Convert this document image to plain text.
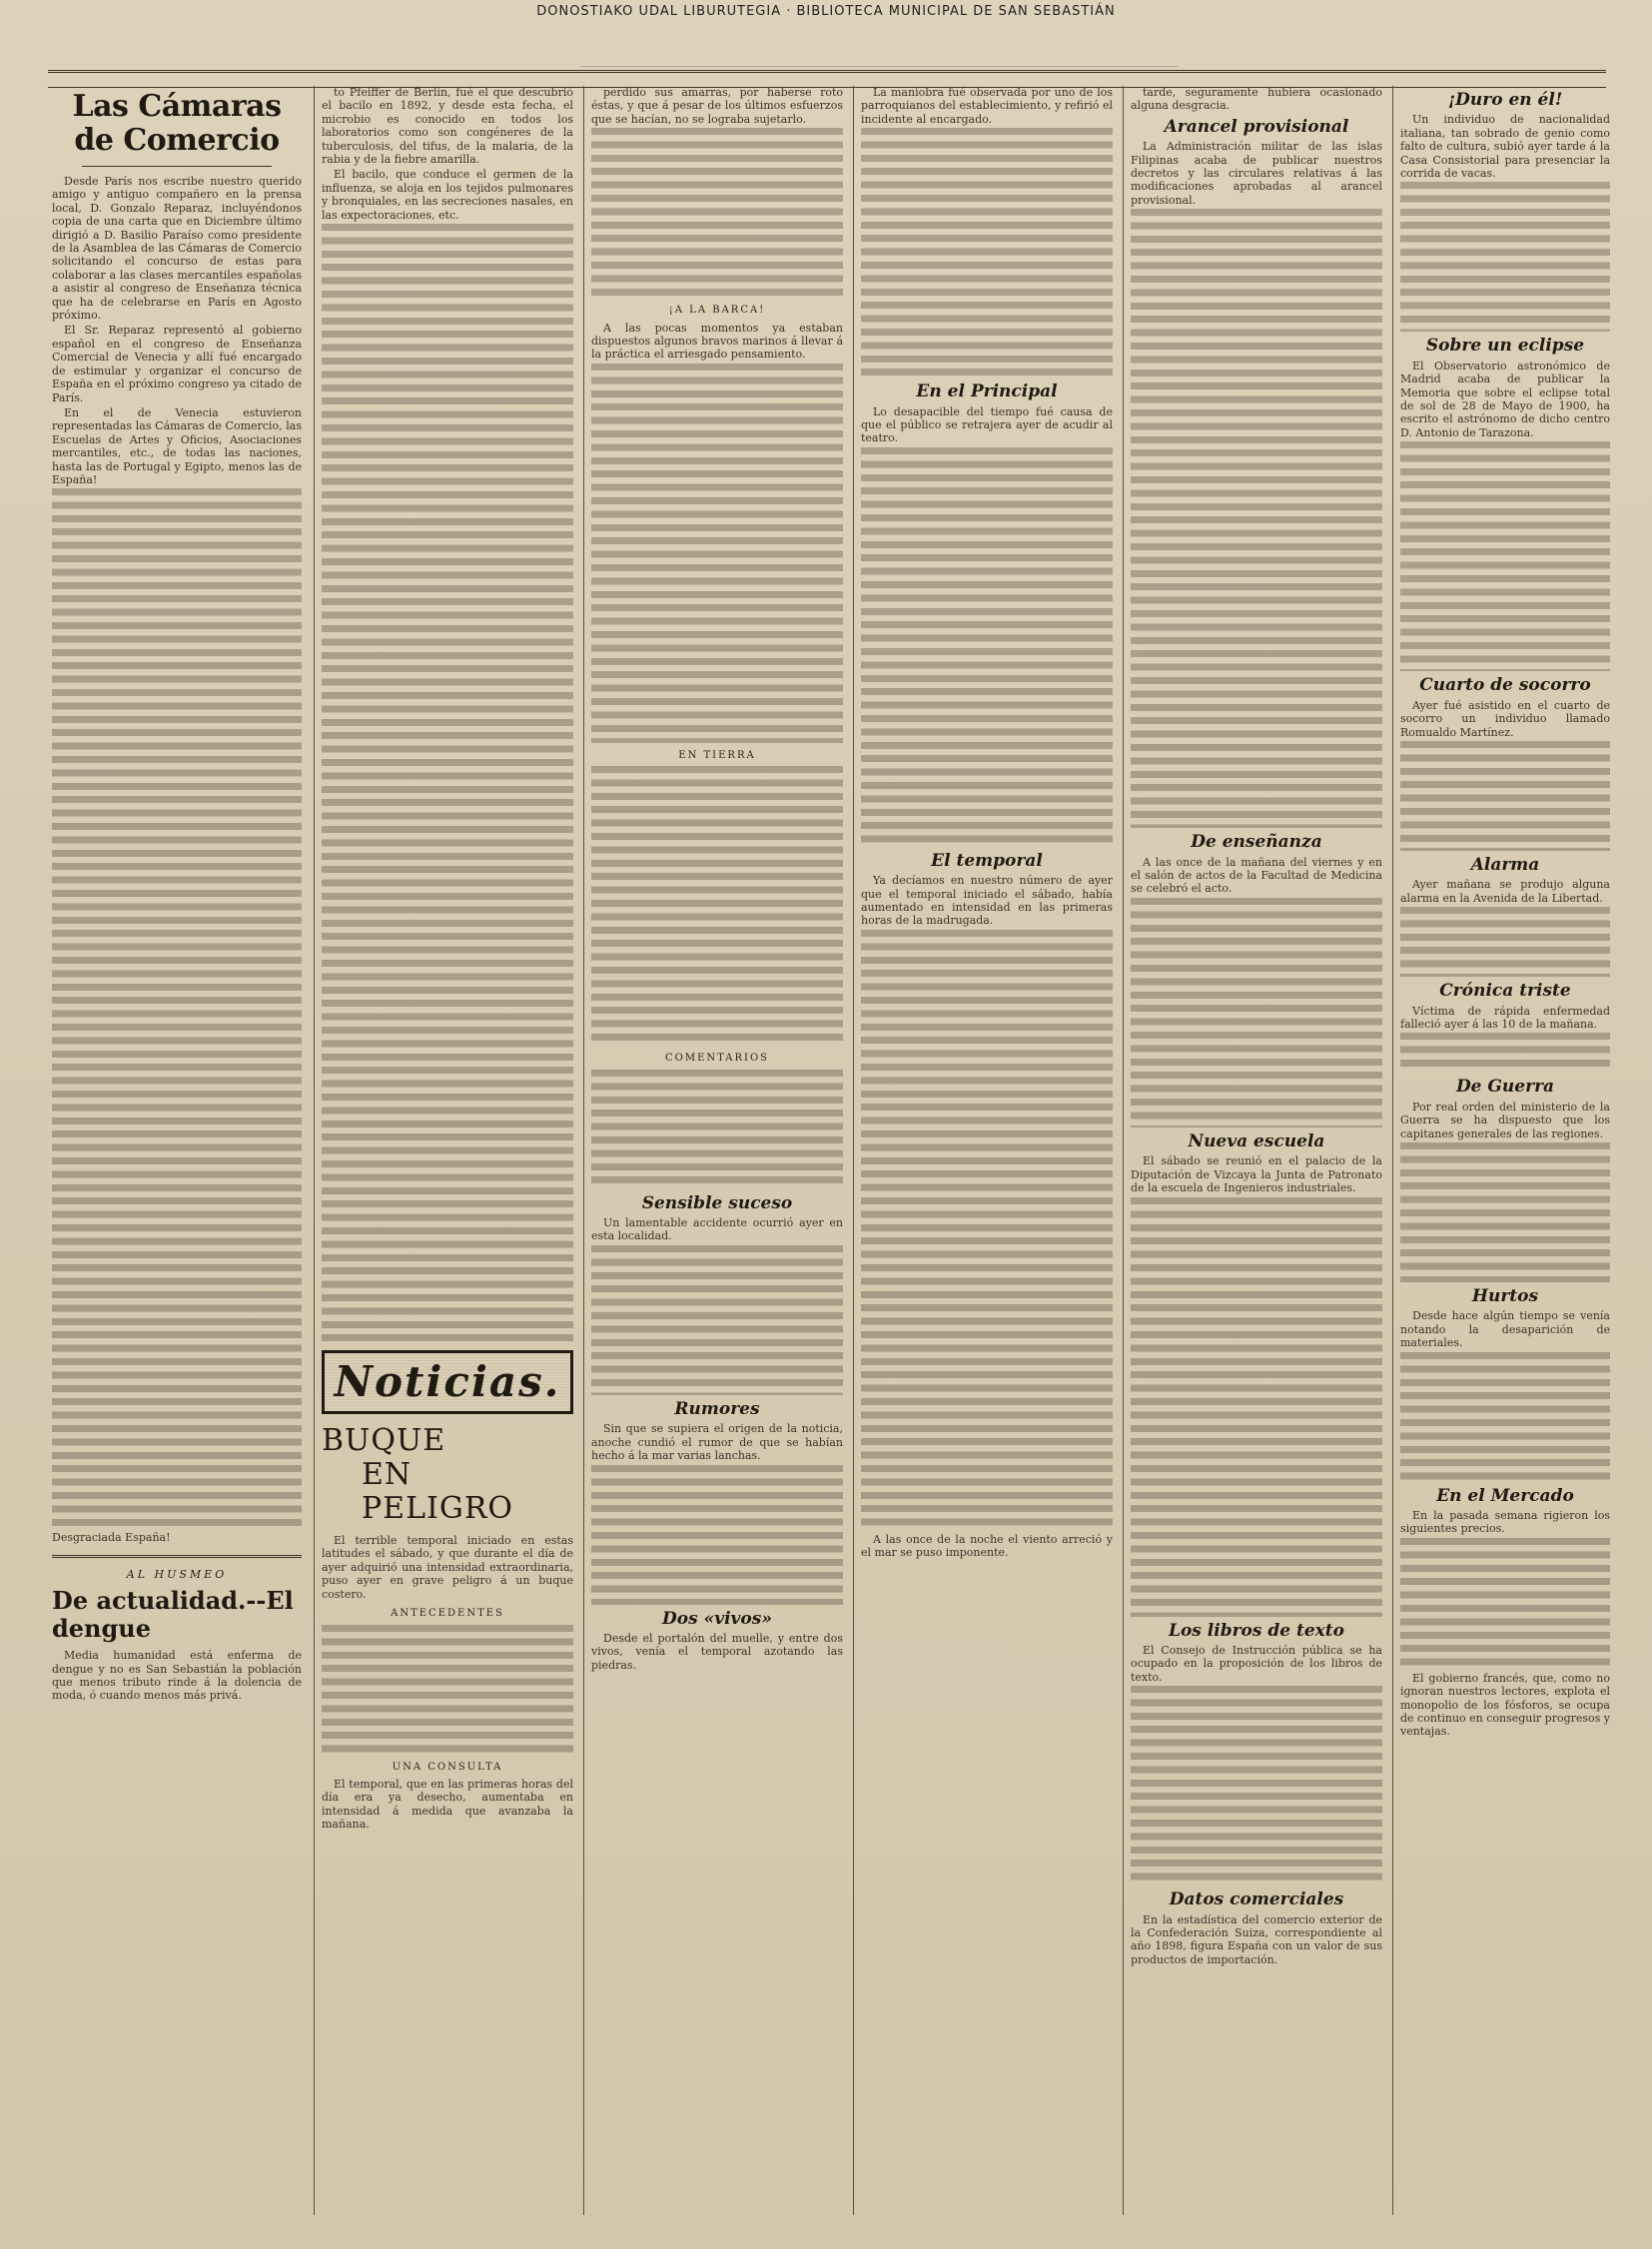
DONOSTIAKO UDAL LIBURUTEGIA · BIBLIOTECA MUNICIPAL DE SAN SEBASTIÁN
Las Cámaras de Comercio

Desde París nos escribe nuestro querido amigo y antiguo compañero en la prensa local, D. Gonzalo Reparaz, incluyéndonos copia de una carta que en Diciembre último dirigió a D. Basilio Paraíso como presidente de la Asamblea de las Cámaras de Comercio solicitando el concurso de estas para colaborar a las clases mercantiles españolas a asistir al congreso de Enseñanza técnica que ha de celebrarse en París en Agosto próximo.

El Sr. Reparaz representó al gobierno español en el congreso de Enseñanza Comercial de Venecia y allí fué encargado de estimular y organizar el concurso de España en el próximo congreso ya citado de París.

En el de Venecia estuvieron representadas las Cámaras de Comercio, las Escuelas de Artes y Oficios, Asociaciones mercantiles, etc., de todas las naciones, hasta las de Portugal y Egipto, menos las de España!

Desgraciada España!

AL HUSMEO
De actualidad.--El dengue

Media humanidad está enferma de dengue y no es San Sebastián la población que menos tributo rinde á la dolencia de moda, ó cuando menos más privá.

to Pfeiffer de Berlín, fué el que descubrió el bacilo en 1892, y desde esta fecha, el microbio es conocido en todos los laboratorios como son congéneres de la tuberculosis, del tifus, de la malaria, de la rabia y de la fiebre amarilla.

El bacilo, que conduce el germen de la influenza, se aloja en los tejidos pulmonares y bronquiales, en las secreciones nasales, en las expectoraciones, etc.

Noticias.
BUQUE
EN PELIGRO

El terrible temporal iniciado en estas latitudes el sábado, y que durante el día de ayer adquirió una intensidad extraordinaria, puso ayer en grave peligro á un buque costero.

ANTECEDENTES

UNA CONSULTA

El temporal, que en las primeras horas del día era ya desecho, aumentaba en intensidad á medida que avanzaba la mañana.

perdido sus amarras, por haberse roto éstas, y que á pesar de los últimos esfuerzos que se hacían, no se lograba sujetarlo.

¡A LA BARCA!

A las pocas momentos ya estaban dispuestos algunos bravos marinos á llevar á la práctica el arriesgado pensamiento.

EN TIERRA

COMENTARIOS

Sensible suceso

Un lamentable accidente ocurrió ayer en esta localidad.

Rumores

Sin que se supiera el origen de la noticia, anoche cundió el rumor de que se habían hecho á la mar varias lanchas.

Dos «vivos»

Desde el portalón del muelle, y entre dos vivos, venía el temporal azotando las piedras.

La maniobra fué observada por uno de los parroquianos del establecimiento, y refirió el incidente al encargado.

En el Principal

Lo desapacible del tiempo fué causa de que el público se retrajera ayer de acudir al teatro.

El temporal

Ya decíamos en nuestro número de ayer que el temporal iniciado el sábado, había aumentado en intensidad en las primeras horas de la madrugada.

A las once de la noche el viento arreció y el mar se puso imponente.

tarde, seguramente hubiera ocasionado alguna desgracia.

Arancel provisional

La Administración militar de las islas Filipinas acaba de publicar nuestros decretos y las circulares relativas á las modificaciones aprobadas al arancel provisional.

De enseñanza

A las once de la mañana del viernes y en el salón de actos de la Facultad de Medicina se celebró el acto.

Nueva escuela

El sábado se reunió en el palacio de la Diputación de Vizcaya la Junta de Patronato de la escuela de Ingenieros industriales.

Los libros de texto

El Consejo de Instrucción pública se ha ocupado en la proposición de los libros de texto.

Datos comerciales

En la estadística del comercio exterior de la Confederación Suiza, correspondiente al año 1898, figura España con un valor de sus productos de importación.

¡Duro en él!

Un individuo de nacionalidad italiana, tan sobrado de genio como falto de cultura, subió ayer tarde á la Casa Consistorial para presenciar la corrida de vacas.

Sobre un eclipse

El Observatorio astronómico de Madrid acaba de publicar la Memoria que sobre el eclipse total de sol de 28 de Mayo de 1900, ha escrito el astrónomo de dicho centro D. Antonio de Tarazona.

Cuarto de socorro

Ayer fué asistido en el cuarto de socorro un individuo llamado Romualdo Martínez.

Alarma

Ayer mañana se produjo alguna alarma en la Avenida de la Libertad.

Crónica triste

Víctima de rápida enfermedad falleció ayer á las 10 de la mañana.

De Guerra

Por real orden del ministerio de la Guerra se ha dispuesto que los capitanes generales de las regiones.

Hurtos

Desde hace algún tiempo se venía notando la desaparición de materiales.

En el Mercado

En la pasada semana rigieron los siguientes precios.

El gobierno francés, que, como no ignoran nuestros lectores, explota el monopolio de los fósforos, se ocupa de continuo en conseguir progresos y ventajas.
